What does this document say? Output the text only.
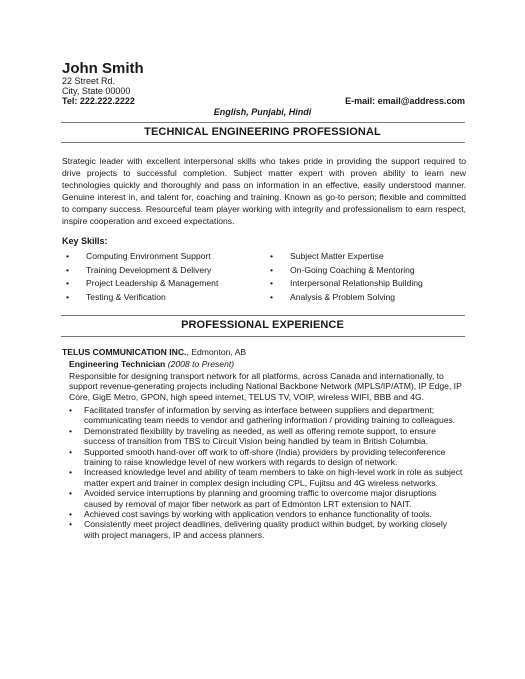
John Smith
22 Street Rd.
City, State 00000
Tel: 222.222.2222	E-mail: email@address.com
English, Punjabi, Hindi
TECHNICAL ENGINEERING PROFESSIONAL
Strategic leader with excellent interpersonal skills who takes pride in providing the support required to drive projects to successful completion. Subject matter expert with proven ability to learn new technologies quickly and thoroughly and pass on information in an effective, easily understood manner. Genuine interest in, and talent for, coaching and training. Known as go-to person; flexible and committed to company success. Resourceful team player working with integrity and professionalism to earn respect, inspire cooperation and exceed expectations.
Key Skills:
• Computing Environment Support
• Training Development & Delivery
• Project Leadership & Management
• Testing & Verification
• Subject Matter Expertise
• On-Going Coaching & Mentoring
• Interpersonal Relationship Building
• Analysis & Problem Solving
PROFESSIONAL EXPERIENCE
TELUS COMMUNICATION INC., Edmonton, AB
Engineering Technician (2008 to Present)
Responsible for designing transport network for all platforms, across Canada and internationally, to support revenue-generating projects including National Backbone Network (MPLS/IP/ATM), IP Edge, IP Core, GigE Metro, GPON, high speed internet, TELUS TV, VOIP, wireless WIFI, BBB and 4G.
• Facilitated transfer of information by serving as interface between suppliers and department; communicating team needs to vendor and gathering information / providing training to colleagues.
• Demonstrated flexibility by traveling as needed, as well as offering remote support, to ensure success of transition from TBS to Circuit Vision being handled by team in British Columbia.
• Supported smooth hand-over off work to off-shore (India) providers by providing teleconference training to raise knowledge level of new workers with regards to design of network.
• Increased knowledge level and ability of team members to take on high-level work in role as subject matter expert and trainer in complex design including CPL, Fujitsu and 4G wireless networks.
• Avoided service interruptions by planning and grooming traffic to overcome major disruptions caused by removal of major fiber network as part of Edmonton LRT extension to NAIT.
• Achieved cost savings by working with application vendors to enhance functionality of tools.
• Consistently meet project deadlines, delivering quality product within budget, by working closely with project managers, IP and access planners.
